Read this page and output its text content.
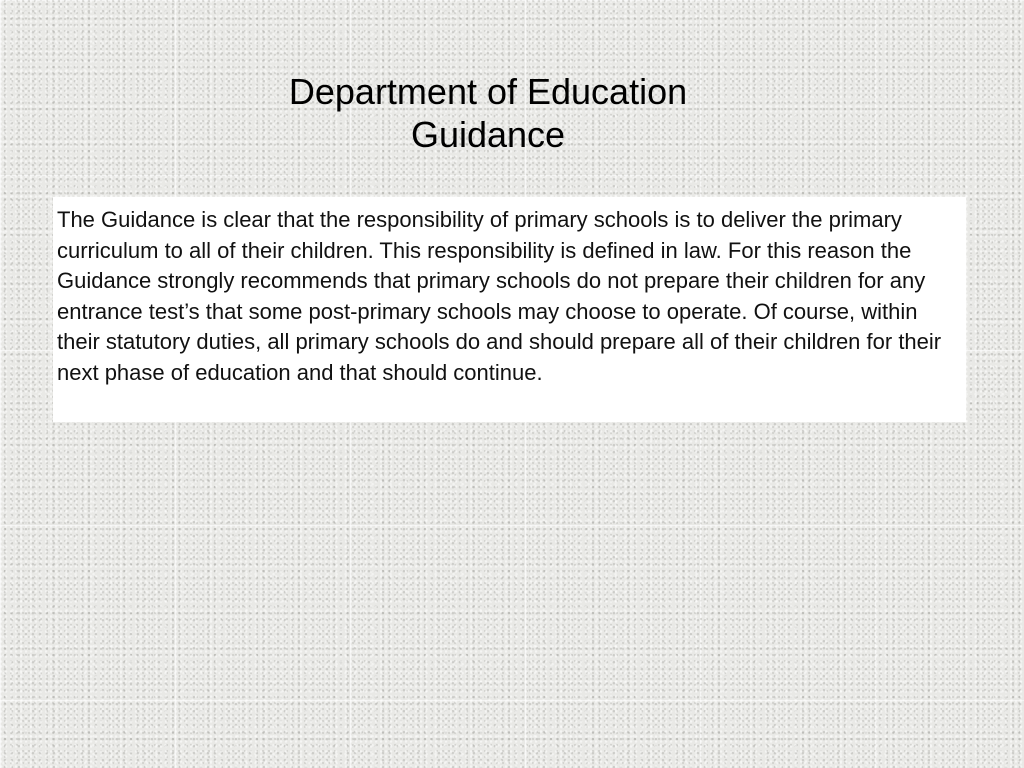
Department of Education
Guidance

The Guidance is clear that the responsibility of primary schools is to deliver the primary curriculum to all of their children. This responsibility is defined in law. For this reason the Guidance strongly recommends that primary schools do not prepare their children for any entrance test’s that some post-primary schools may choose to operate. Of course, within their statutory duties, all primary schools do and should prepare all of their children for their next phase of education and that should continue.
